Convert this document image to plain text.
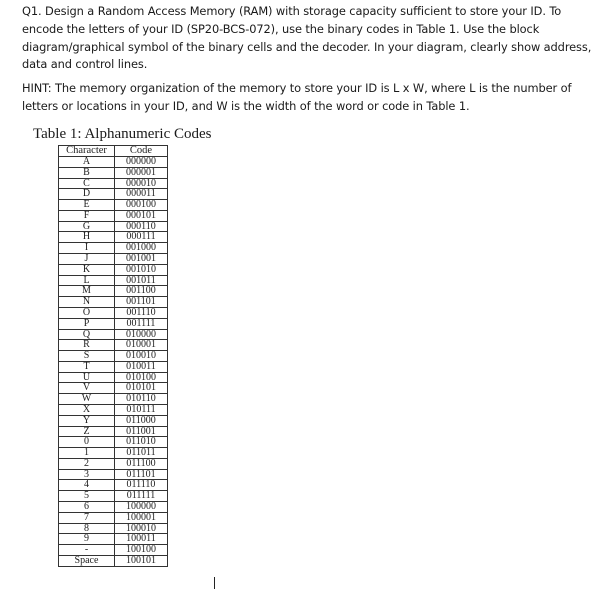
Q1. Design a Random Access Memory (RAM) with storage capacity sufficient to store your ID. To encode the letters of your ID (SP20-BCS-072), use the binary codes in Table 1. Use the block diagram/graphical symbol of the binary cells and the decoder. In your diagram, clearly show address, data and control lines.
HINT: The memory organization of the memory to store your ID is L x W, where L is the number of letters or locations in your ID, and W is the width of the word or code in Table 1.
Table 1: Alphanumeric Codes
Character	Code
A	000000
B	000001
C	000010
D	000011
E	000100
F	000101
G	000110
H	000111
I	001000
J	001001
K	001010
L	001011
M	001100
N	001101
O	001110
P	001111
Q	010000
R	010001
S	010010
T	010011
U	010100
V	010101
W	010110
X	010111
Y	011000
Z	011001
0	011010
1	011011
2	011100
3	011101
4	011110
5	011111
6	100000
7	100001
8	100010
9	100011
-	100100
Space	100101
